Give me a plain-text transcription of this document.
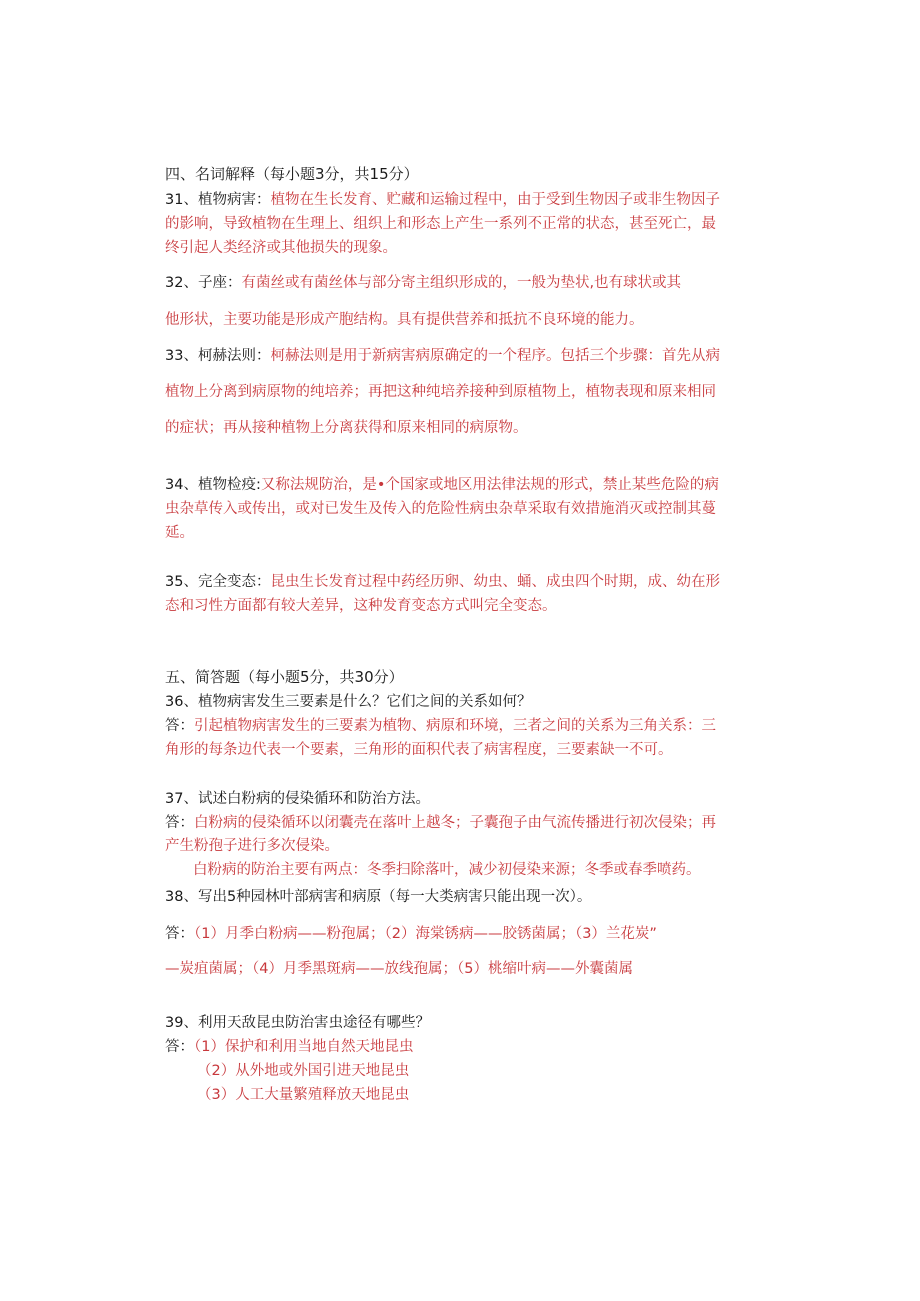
四、名词解释（每小题3分，共15分）
31、植物病害：植物在生长发育、贮藏和运输过程中，由于受到生物因子或非生物因子
的影响，导致植物在生理上、组织上和形态上产生一系列不正常的状态，甚至死亡，最
终引起人类经济或其他损失的现象。
32、子座：有菌丝或有菌丝体与部分寄主组织形成的，一般为垫状,也有球状或其
他形状，主要功能是形成产胞结构。具有提供营养和抵抗不良环境的能力。
33、柯赫法则：柯赫法则是用于新病害病原确定的一个程序。包括三个步骤：首先从病
植物上分离到病原物的纯培养；再把这种纯培养接种到原植物上，植物表现和原来相同
的症状；再从接种植物上分离获得和原来相同的病原物。
34、植物检疫:又称法规防治，是•个国家或地区用法律法规的形式，禁止某些危险的病
虫杂草传入或传出，或对已发生及传入的危险性病虫杂草采取有效措施消灭或控制其蔓
延。
35、完全变态：昆虫生长发育过程中药经历卵、幼虫、蛹、成虫四个时期，成、幼在形
态和习性方面都有较大差异，这种发育变态方式叫完全变态。
五、简答题（每小题5分，共30分）
36、植物病害发生三要素是什么？它们之间的关系如何？
答：引起植物病害发生的三要素为植物、病原和环境，三者之间的关系为三角关系：三
角形的每条边代表一个要素，三角形的面积代表了病害程度，三要素缺一不可。
37、试述白粉病的侵染循环和防治方法。
答：白粉病的侵染循环以闭囊壳在落叶上越冬；子囊孢子由气流传播进行初次侵染；再
产生粉孢子进行多次侵染。
白粉病的防治主要有两点：冬季扫除落叶，减少初侵染来源；冬季或春季喷药。
38、写出5种园林叶部病害和病原（每一大类病害只能出现一次）。
答：（1）月季白粉病——粉孢属；（2）海棠锈病——胶锈菌属；（3）兰花炭”
—炭疽菌属；（4）月季黑斑病——放线孢属；（5）桃缩叶病——外囊菌属
39、利用天敌昆虫防治害虫途径有哪些？
答：（1）保护和利用当地自然天地昆虫
（2）从外地或外国引进天地昆虫
（3）人工大量繁殖释放天地昆虫
